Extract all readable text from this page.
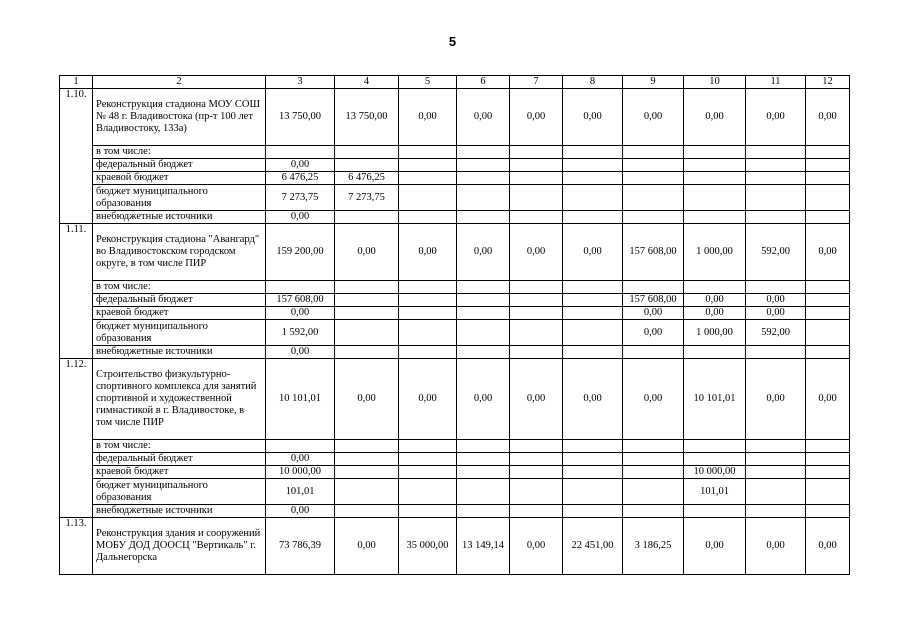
5
1	2	3	4	5	6	7	8	9	10	11	12
1.10.	Реконструкция стадиона МОУ СОШ № 48 г. Владивостока (пр-т 100 лет Владивостоку, 133а)	13 750,00	13 750,00	0,00	0,00	0,00	0,00	0,00	0,00	0,00	0,00
	в том числе:										
	федеральный бюджет	0,00									
	краевой бюджет	6 476,25	6 476,25								
	бюджет муниципального образования	7 273,75	7 273,75								
	внебюджетные источники	0,00									
1.11.	Реконструкция стадиона "Авангард" во Владивостокском городском округе, в том числе ПИР	159 200,00	0,00	0,00	0,00	0,00	0,00	157 608,00	1 000,00	592,00	0,00
	в том числе:										
	федеральный бюджет	157 608,00						157 608,00	0,00	0,00	
	краевой бюджет	0,00						0,00	0,00	0,00	
	бюджет муниципального образования	1 592,00						0,00	1 000,00	592,00	
	внебюджетные источники	0,00									
1.12.	Строительство физкультурно-спортивного комплекса для занятий спортивной и художественной гимнастикой в г. Владивостоке, в том числе ПИР	10 101,01	0,00	0,00	0,00	0,00	0,00	0,00	10 101,01	0,00	0,00
	в том числе:										
	федеральный бюджет	0,00									
	краевой бюджет	10 000,00							10 000,00		
	бюджет муниципального образования	101,01							101,01		
	внебюджетные источники	0,00									
1.13.	Реконструкция здания и сооружений МОБУ ДОД ДООСЦ "Вертикаль" г. Дальнегорска	73 786,39	0,00	35 000,00	13 149,14	0,00	22 451,00	3 186,25	0,00	0,00	0,00
